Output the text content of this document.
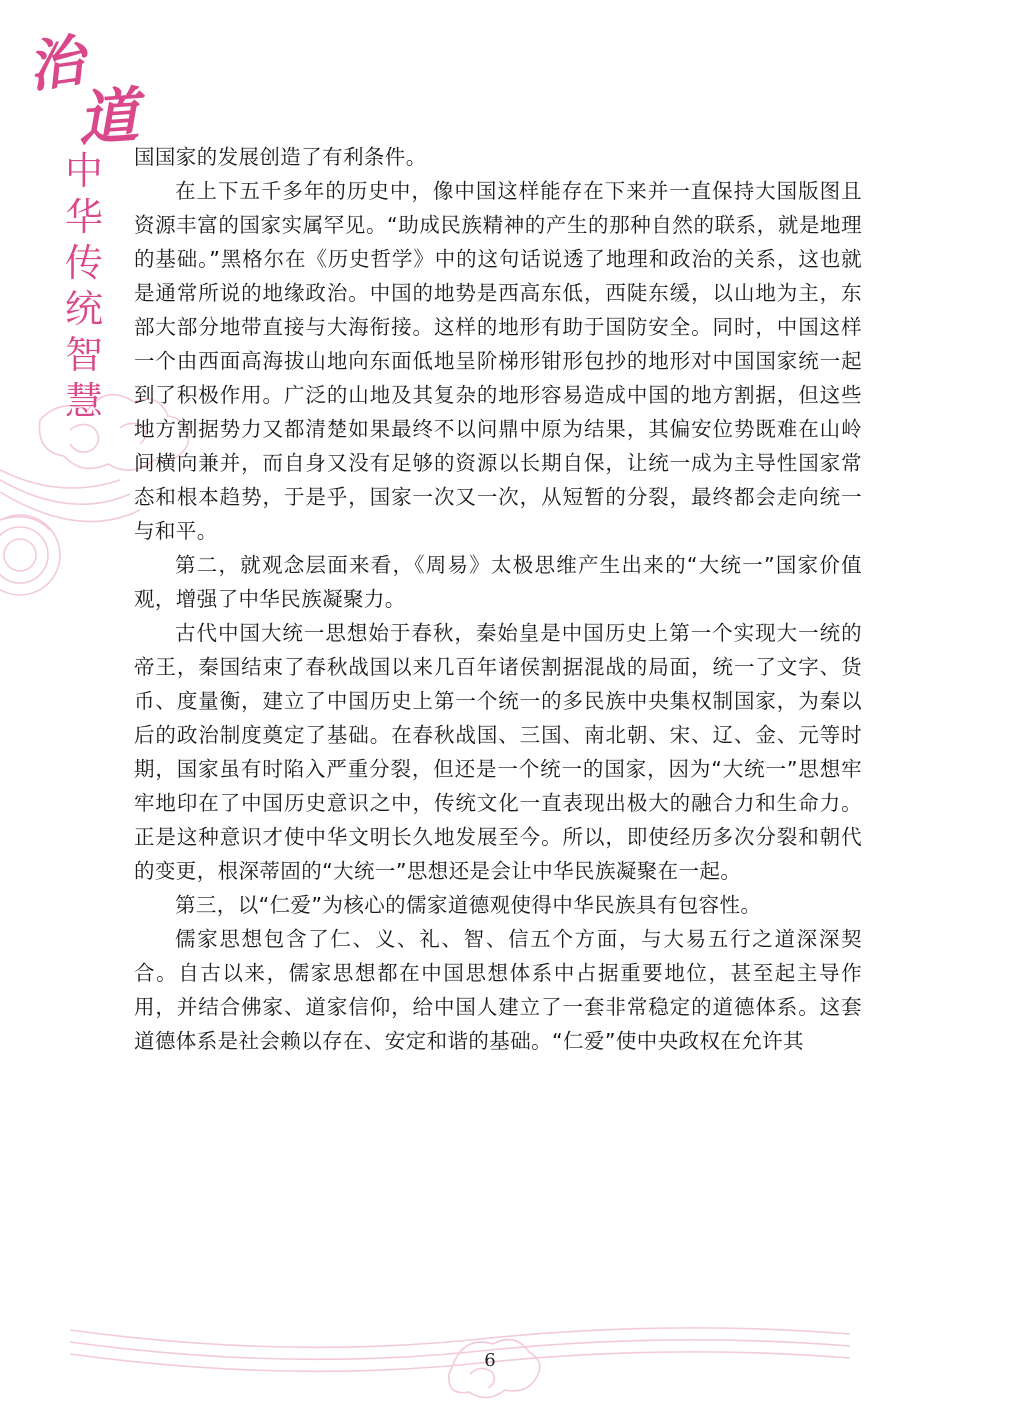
治
道
中华传统智慧

国国家的发展创造了有利条件。

在上下五千多年的历史中，像中国这样能存在下来并一直保持大国版图且资源丰富的国家实属罕见。“助成民族精神的产生的那种自然的联系，就是地理的基础。”黑格尔在《历史哲学》中的这句话说透了地理和政治的关系，这也就是通常所说的地缘政治。中国的地势是西高东低，西陡东缓，以山地为主，东部大部分地带直接与大海衔接。这样的地形有助于国防安全。同时，中国这样一个由西面高海拔山地向东面低地呈阶梯形钳形包抄的地形对中国国家统一起到了积极作用。广泛的山地及其复杂的地形容易造成中国的地方割据，但这些地方割据势力又都清楚如果最终不以问鼎中原为结果，其偏安位势既难在山岭间横向兼并，而自身又没有足够的资源以长期自保，让统一成为主导性国家常态和根本趋势，于是乎，国家一次又一次，从短暂的分裂，最终都会走向统一与和平。

第二，就观念层面来看，《周易》太极思维产生出来的“大统一”国家价值观，增强了中华民族凝聚力。

古代中国大统一思想始于春秋，秦始皇是中国历史上第一个实现大一统的帝王，秦国结束了春秋战国以来几百年诸侯割据混战的局面，统一了文字、货币、度量衡，建立了中国历史上第一个统一的多民族中央集权制国家，为秦以后的政治制度奠定了基础。在春秋战国、三国、南北朝、宋、辽、金、元等时期，国家虽有时陷入严重分裂，但还是一个统一的国家，因为“大统一”思想牢牢地印在了中国历史意识之中，传统文化一直表现出极大的融合力和生命力。正是这种意识才使中华文明长久地发展至今。所以，即使经历多次分裂和朝代的变更，根深蒂固的“大统一”思想还是会让中华民族凝聚在一起。

第三，以“仁爱”为核心的儒家道德观使得中华民族具有包容性。

儒家思想包含了仁、义、礼、智、信五个方面，与大易五行之道深深契合。自古以来，儒家思想都在中国思想体系中占据重要地位，甚至起主导作用，并结合佛家、道家信仰，给中国人建立了一套非常稳定的道德体系。这套道德体系是社会赖以存在、安定和谐的基础。“仁爱”使中央政权在允许其

6
